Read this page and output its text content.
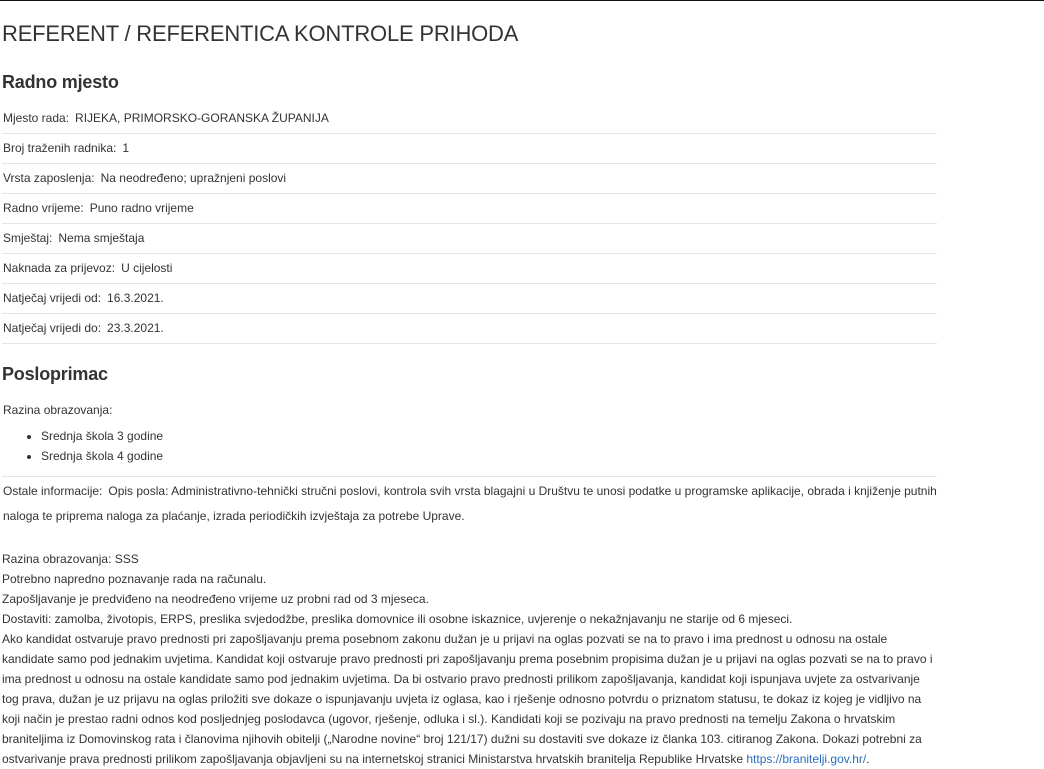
REFERENT / REFERENTICA KONTROLE PRIHODA
Radno mjesto
Mjesto rada: RIJEKA, PRIMORSKO-GORANSKA ŽUPANIJA
Broj traženih radnika: 1
Vrsta zaposlenja: Na neodređeno; upražnjeni poslovi
Radno vrijeme: Puno radno vrijeme
Smještaj: Nema smještaja
Naknada za prijevoz: U cijelosti
Natječaj vrijedi od: 16.3.2021.
Natječaj vrijedi do: 23.3.2021.
Posloprimac
Razina obrazovanja:
• Srednja škola 3 godine
• Srednja škola 4 godine
Ostale informacije: Opis posla: Administrativno-tehnički stručni poslovi, kontrola svih vrsta blagajni u Društvu te unosi podatke u programske aplikacije, obrada i knjiženje putnih naloga te priprema naloga za plaćanje, izrada periodičkih izvještaja za potrebe Uprave.

Razina obrazovanja: SSS

Potrebno napredno poznavanje rada na računalu.

Zapošljavanje je predviđeno na neodređeno vrijeme uz probni rad od 3 mjeseca.

Dostaviti: zamolba, životopis, ERPS, preslika svjedodžbe, preslika domovnice ili osobne iskaznice, uvjerenje o nekažnjavanju ne starije od 6 mjeseci.

Ako kandidat ostvaruje pravo prednosti pri zapošljavanju prema posebnom zakonu dužan je u prijavi na oglas pozvati se na to pravo i ima prednost u odnosu na ostale kandidate samo pod jednakim uvjetima. Kandidat koji ostvaruje pravo prednosti pri zapošljavanju prema posebnim propisima dužan je u prijavi na oglas pozvati se na to pravo i ima prednost u odnosu na ostale kandidate samo pod jednakim uvjetima. Da bi ostvario pravo prednosti prilikom zapošljavanja, kandidat koji ispunjava uvjete za ostvarivanje tog prava, dužan je uz prijavu na oglas priložiti sve dokaze o ispunjavanju uvjeta iz oglasa, kao i rješenje odnosno potvrdu o priznatom statusu, te dokaz iz kojeg je vidljivo na koji način je prestao radni odnos kod posljednjeg poslodavca (ugovor, rješenje, odluka i sl.). Kandidati koji se pozivaju na pravo prednosti na temelju Zakona o hrvatskim braniteljima iz Domovinskog rata i članovima njihovih obitelji („Narodne novine“ broj 121/17) dužni su dostaviti sve dokaze iz članka 103. citiranog Zakona. Dokazi potrebni za ostvarivanje prava prednosti prilikom zapošljavanja objavljeni su na internetskoj stranici Ministarstva hrvatskih branitelja Republike Hrvatske https://branitelji.gov.hr/.
